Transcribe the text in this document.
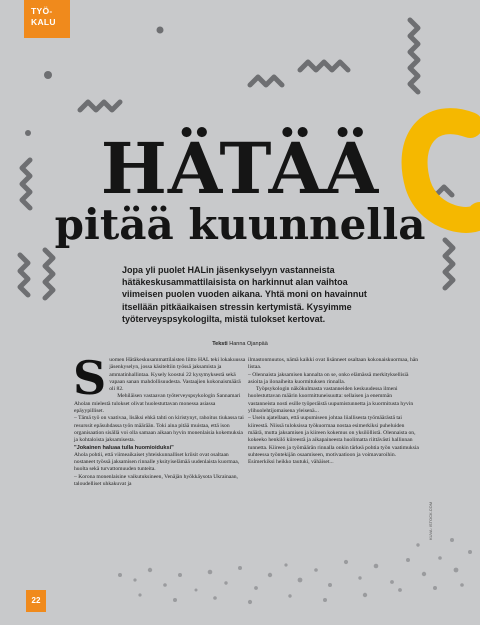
TYÖ-
KALU
HÄTÄÄ
pitää kuunnella
Jopa yli puolet HALin jäsenkyselyyn vastanneista hätäkeskusammattilaisista on harkinnut alan vaihtoa viimeisen puolen vuoden aikana. Yhtä moni on havainnut itsellään pitkäaikaisen stressin kertymistä. Kysyimme työterveyspsykologilta, mistä tulokset kertovat.
Teksti Hanna Ojanpää
S uomen Hätäkeskusammattilaisten liitto HAL teki lokakuussa jäsenkyselyn, jossa käsiteltiin työssä jaksamista ja ammatinhallintaa. Kysely koostui 22 kysymyksestä sekä vapaan sanan mahdollisuudesta. Vastaajien kokonaismäärä oli 82.

Mehiläisen vastaavan työterveyspsykologin Sannamari Aholan mielestä tulokset olivat huolestuttavan monessa asiassa epäyypilliset.

– Tämä työ on vaativaa, lisäksi ehkä tahti on kiristynyt, rahoitus tiukassa tai resurssit epäsuhdassa työn määrään. Toki aina pitää muistaa, että ison organisaation sisällä voi olla samaan aikaan hyvin monenlaisia kokemuksia ja kohtaloista jaksamisesta.

"Jokainen haluaa tulla huomioiduksi"

Ahola pohtii, että viimeaikaiset yhteiskunnalliset kriisit ovat osaltaan nostaneet työssä jaksamisen rinnalle yksityiselämää uudenlaista kuormaa, huolta sekä turvattomuuden tunteita.

– Korona monenlaisine vaikutuksineen, Venäjän hyökkäysota Ukrainaan, taloudelliset uhkakuvat ja

ilmastonmuutos, nämä kaikki ovat lisänneet osaltaan kokonaiskuormaa, hän listaa.

– Olennaista jaksamisen kannalta on se, onko elämässä merkityksellisiä asioita ja ilonaiheita kuormituksen rinnalla.

Työpsykologin näkökulmasta vastanneiden keskuudessa ilmeni huolestuttavan määrin kuormittuneisuutta: sellaisen ja enemmän vastanneista nosti esille työperäistä uupumistunnetta ja kuormitusta hyvin ylihuolehtijomaisena yleisenä...

– Usein ajatellaan, että uupumiseen johtaa liiallisesta työmäärästä tai kiireestä. Niissä tuloksissa työkuormaa nostaa esimerkiksi puheluiden määrä, mutta jaksamisen ja kiireen kokemus on yksilöllistä. Olennaista on, kokeeko henkilö kiireestä ja aikapaineesta huolimatta riittävästi hallinnan tunnetta. Kiireen ja työmäärän rinnalla onkin tärkeä pohtia työn vaatimuksia suhteessa työntekijän osaamiseen, motivaatioon ja voimavaroihin. Esimerkiksi heikko tautuki, vähäiset...

KUVA: ISTOCK.COM
22
